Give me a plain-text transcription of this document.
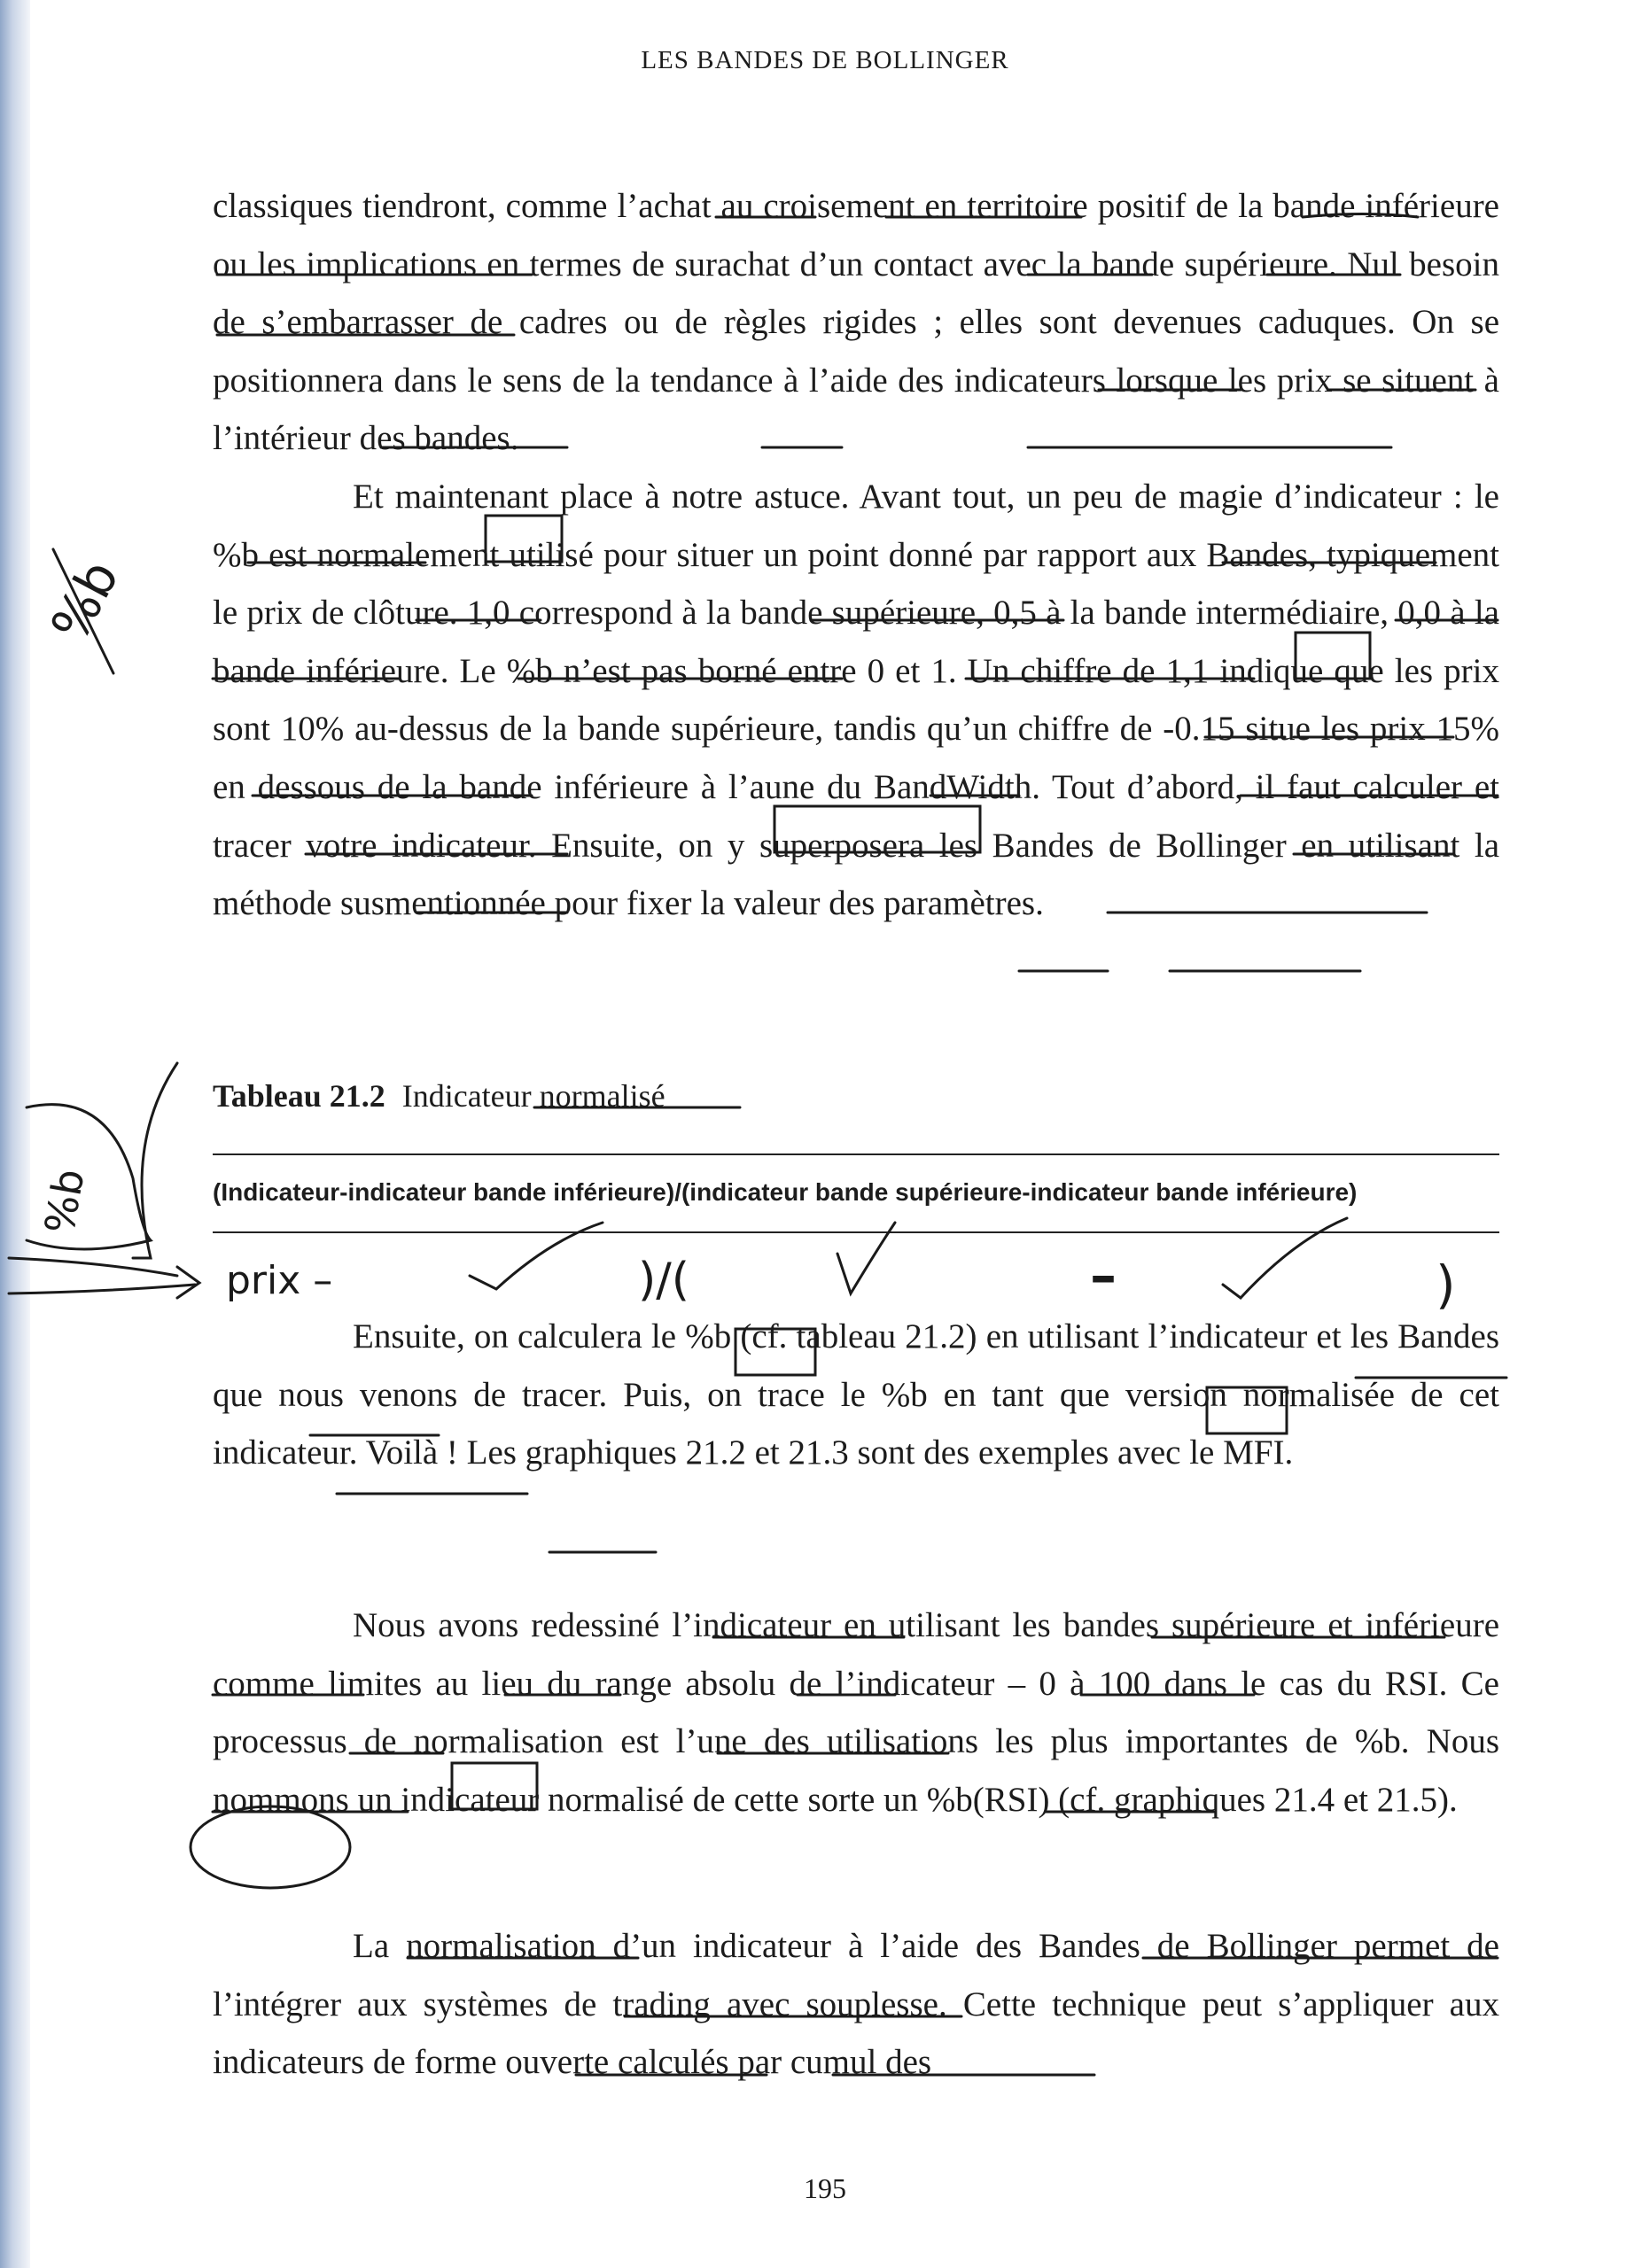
LES BANDES DE BOLLINGER

classiques tiendront, comme l’achat au croisement en territoire positif de la bande inférieure ou les implications en termes de surachat d’un contact avec la bande supérieure. Nul besoin de s’embarrasser de cadres ou de règles rigides ; elles sont devenues caduques. On se positionnera dans le sens de la tendance à l’aide des indicateurs lorsque les prix se situent à l’intérieur des bandes.

Et maintenant place à notre astuce. Avant tout, un peu de magie d’indicateur : le %b est normalement utilisé pour situer un point donné par rapport aux Bandes, typiquement le prix de clôture. 1,0 correspond à la bande supérieure, 0,5 à la bande intermédiaire, 0,0 à la bande inférieure. Le %b n’est pas borné entre 0 et 1. Un chiffre de 1,1 indique que les prix sont 10% au-dessus de la bande supérieure, tandis qu’un chiffre de -0.15 situe les prix 15% en dessous de la bande inférieure à l’aune du BandWidth. Tout d’abord, il faut calculer et tracer votre indicateur. Ensuite, on y superposera les Bandes de Bollinger en utilisant la méthode susmentionnée pour fixer la valeur des paramètres.

Tableau 21.2 Indicateur normalisé
(Indicateur-indicateur bande inférieure)/(indicateur bande supérieure-indicateur bande inférieure)

Ensuite, on calculera le %b (cf. tableau 21.2) en utilisant l’indicateur et les Bandes que nous venons de tracer. Puis, on trace le %b en tant que version normalisée de cet indicateur. Voilà ! Les graphiques 21.2 et 21.3 sont des exemples avec le MFI.

Nous avons redessiné l’indicateur en utilisant les bandes supérieure et inférieure comme limites au lieu du range absolu de l’indicateur – 0 à 100 dans le cas du RSI. Ce processus de normalisation est l’une des utilisations les plus importantes de %b. Nous nommons un indicateur normalisé de cette sorte un %b(RSI) (cf. graphiques 21.4 et 21.5).

La normalisation d’un indicateur à l’aide des Bandes de Bollinger permet de l’intégrer aux systèmes de trading avec souplesse. Cette technique peut s’appliquer aux indicateurs de forme ouverte calculés par cumul des

195
%b
%b
prix –	)/(	–	)
